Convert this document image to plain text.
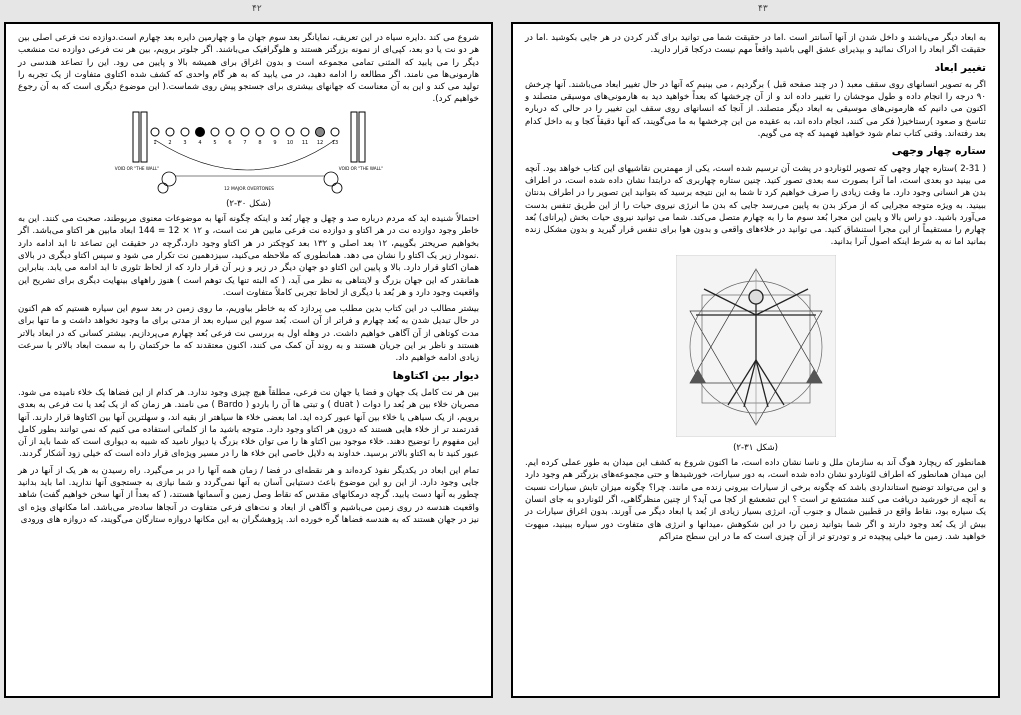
۴۲	۴۳

شروع می کند .دایره سیاه در این تعریف، نمایانگر بعد سوم جهان ما و چهارمین دایره بعد چهارم است.دوازده نت فرعی اصلی بین هر دو نت یا دو بعد، کپی‌ای از نمونه بزرگتر هستند و هلوگرافیک می‌باشند. اگر جلوتر برویم، بین هر نت فرعی دوازده نت منشعب دیگر را می یابید که المثنی تمامی مجموعه است و بدون اغراق برای همیشه بالا و پایین می رود. این را تصاعد هندسی در هارمونی‌ها می نامند. اگر مطالعه را ادامه دهید، در می یابید که به هر گام واحدی که کشف شده اکتاوی متفاوت از یک تجربه را تولید می کند و این به آن معناست که جهانهای بیشتری برای جستجو پیش روی شماست.( این موضوع دیگری است که به آن رجوع خواهیم کرد).

1 2 3 4 5 6 7 8 9 10 11 12 13
VOID OR "THE WALL"	VOID OR "THE WALL"
12 MAJOR OVERTONES

(شکل ۳۰-۲)

احتمالاً شنیده اید که مردم درباره صد و چهل و چهار بُعد و اینکه چگونه آنها به موضوعات معنوی مربوطند، صحبت می کنند. این به خاطر وجود دوازده نت در هر اکتاو و دوازده نت فرعی مابین هر نت است، و ۱۲ × 12 = 144 ابعاد مابین هر اکتاو می‌باشد. اگر بخواهیم صریحتر بگوییم، ۱۲ بعد اصلی و ۱۳۲ بعد کوچکتر در هر اکتاو وجود دارد،گرچه در حقیقت این تصاعد تا ابد ادامه دارد .نمودار زیر یک اکتاو را نشان می دهد. همانطوری که ملاحظه می‌کنید، سیزدهمین نت تکرار می شود و سپس اکتاو دیگری در بالای همان اکتاو قرار دارد. بالا و پایین این اکتاو دو جهان دیگر در زیر و زبر آن قرار دارد که از لحاظ تئوری تا ابد ادامه می یابد. بنابراین همانقدر که این جهان بزرگ و لایتناهی به نظر می آید، ( که البته تنها یک توهم است ) هنوز راههای بینهایت دیگری برای تشریح این واقعیت وجود دارد و هر بُعد با دیگری از لحاظ تجربی کاملاً متفاوت است.

بیشتر مطالب در این کتاب بدین مطلب می پردازد که به خاطر بیاوریم، ما روی زمین در بعد سوم این سیاره هستیم که هم اکنون در حال تبدیل شدن به بُعد چهارم و فراتر از آن است. بُعد سوم این سیاره بعد از مدتی برای ما وجود نخواهد داشت و ما تنها برای مدت کوتاهی از آن آگاهی خواهیم داشت. در وهله اول به بررسی نت فرعی بُعد چهارم می‌پردازیم. بیشتر کسانی که در ابعاد بالاتر هستند و ناظر بر این جریان هستند و به روند آن کمک می کنند، اکنون معتقدند که ما حرکتمان را به سمت ابعاد بالاتر با سرعت زیادی ادامه خواهیم داد.

دیوار بین اکتاوها

بین هر نت کامل یک جهان و فضا یا جهان نت فرعی، مطلقاً هیچ چیزی وجود ندارد. هر کدام از این فضاها یک خلاء نامیده می شود. مصریان خلاء بین هر بُعد را دوات ( duat ) و تبتی ها آن را باردو ( Bardo ) می نامند. هر زمان که از یک بُعد یا نت فرعی به بعدی برویم، از یک سیاهی یا خلاء بین آنها عبور کرده اید. اما بعضی خلاء ها سیاهتر از بقیه اند، و سهلترین آنها بین اکتاوها قرار دارند. آنها قدرتمند تر از خلاء هایی هستند که درون هر اکتاو وجود دارد. متوجه باشید ما از کلماتی استفاده می کنیم که نمی توانند بطور کامل این مفهوم را توضیح دهند. خلاء موجود بین اکتاو ها را می توان خلاء بزرگ یا دیوار نامید که شبیه به دیواری است که شما باید از آن عبور کنید تا به اکتاو بالاتر برسید. خداوند به دلایل خاصی این خلاء ها را در مسیر ویژه‌ای قرار داده است که خیلی زود آشکار گردند.

تمام این ابعاد در یکدیگر نفوذ کرده‌اند و هر نقطه‌ای در فضا / زمان همه آنها را در بر می‌گیرد. راه رسیدن به هر یک از آنها در هر جایی وجود دارد. از این رو این موضوع باعث دستیابی آسان به آنها نمی‌گردد و شما نیازی به جستجوی آنها ندارید. اما باید بدانید چطور به آنها دست یابید. گرچه درمکانهای مقدس که نقاط وصل زمین و آسمانها هستند، ( که بعداً از آنها سخن خواهیم گفت) شاهد واقعیت هندسه در روی زمین می‌باشیم و آگاهی از ابعاد و نت‌های فرعی متفاوت در آنجاها ساده‌تر می‌باشد. اما مکانهای ویژه ای نیز در جهان هستند که به هندسه فضاها گره خورده اند. پژوهشگران به این مکانها دروازه ستارگان می‌گویند، که دروازه های ورودی

به ابعاد دیگر می‌باشند و داخل شدن از آنها آسانتر است .اما در حقیقت شما می توانید برای گذر کردن در هر جایی بکوشید .اما در حقیقت اگر ابعاد را ادراک نمائید و بپذیرای عشق الهی باشید واقعاً مهم نیست درکجا قرار دارید.

تغییر ابعاد

اگر به تصویر انسانهای روی سقف معبد ( در چند صفحه قبل ) برگردیم ، می بینیم که آنها در حال تغییر ابعاد می‌باشند. آنها چرخش ۹۰ درجه را انجام داده و طول موجشان را تغییر داده اند و از آن چرخشها که بعداً خواهید دید به هارمونی‌های موسیقی متصلند و اکنون می دانیم که هارمونی‌های موسیقی به ابعاد دیگر متصلند. از آنجا که انسانهای روی سقف این تغییر را در حالی که درباره تناسخ و صعود )رستاخیز( فکر می کنند، انجام داده اند، به عقیده من این چرخشها به ما می‌گویند، که آنها دقیقاً کجا و به داخل کدام بعد رفته‌اند. وقتی کتاب تمام شود خواهید فهمید که چه می گویم.

ستاره چهار وجهی

( 2-31 )ستاره چهار وجهی که تصویر لئوناردو در پشت آن ترسیم شده است، یکی از مهمترین نقاشیهای این کتاب خواهد بود. آنچه می بینید دو بعدی است، اما آنرا بصورت سه بعدی تصور کنید. چنین ستاره چهاربری که درابتدا نشان داده شده است، در اطراف بدن هر انسانی وجود دارد. ما وقت زیادی را صرف خواهیم کرد تا شما به این نتیجه برسید که بتوانید این تصویر را در اطراف بدنتان ببینید. به ویژه متوجه مجرایی که از مرکز بدن به پایین می‌رسد جایی که بدن ما انرژی نیروی حیات را از این طریق تنفس بدست می‌آورد باشید. دو راس بالا و پایین این مجرا بُعد سوم ما را به چهارم متصل می‌کند. شما می توانید نیروی حیات بخش (پرانای) بُعد چهارم را مستقیماً از این مجرا استنشاق کنید. می توانید در خلاءهای واقعی و بدون هوا برای تنفس قرار گیرید و بدون مشکل زنده بمانید اما نه به شرط اینکه اصول آنرا بدانید.

(شکل ۳۱-۲)

همانطور که ریچارد هوگ آند به سازمان ملل و ناسا نشان داده است، ما اکنون شروع به کشف این میدان به طور عملی کرده ایم. این میدان همانطور که اطراف لئوناردو نشان داده شده است، به دور سیارات، خورشیدها و حتی مجموعه‌های بزرگتر هم وجود دارد و این می‌تواند توضیح استانداردی باشد که چگونه برخی از سیارات بیرونی زنده می مانند. چرا؟ چگونه میزان تابش سیارات نسبت به آنچه از خورشید دریافت می کنند مشتشع تر است ؟ این تشعشع از کجا می آید؟ از چنین منظرگاهی، اگر لئوناردو به جای انسان یک سیاره بود، نقاط واقع در قطبین شمال و جنوب آن، انرژی بسیار زیادی از بُعد یا ابعاد دیگر می آورند. بدون اغراق سیارات در بیش از یک بُعد وجود دارند و اگر شما بتوانید زمین را در این شکوهش ،میدانها و انرژی های متفاوت دور سیاره ببینید، مبهوت خواهید شد. زمین ما خیلی پیچیده تر و تودرتو تر از آن چیزی است که ما در این سطح متراکم
